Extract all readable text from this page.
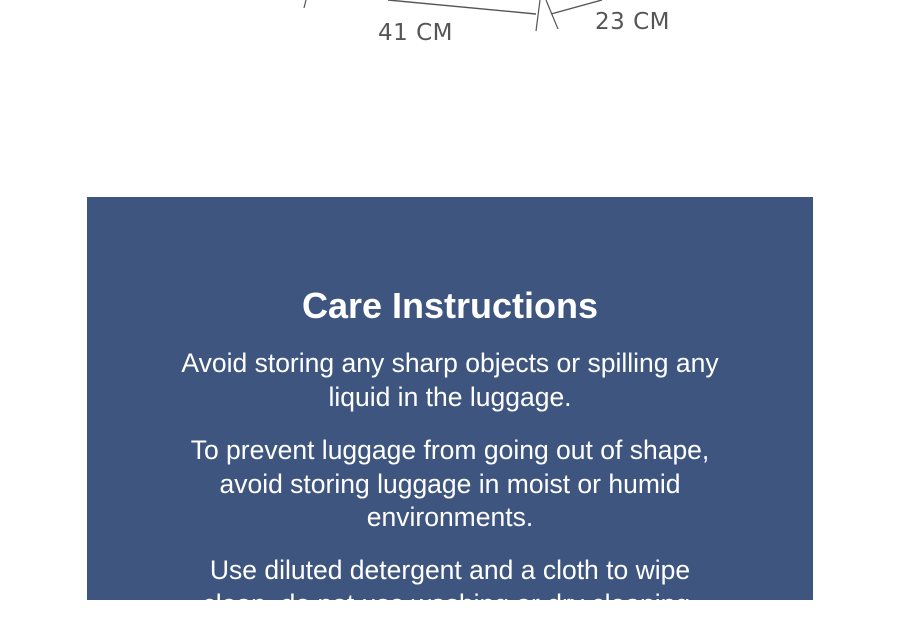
41 CM	23 CM
Care Instructions

Avoid storing any sharp objects or spilling any liquid in the luggage.

To prevent luggage from going out of shape, avoid storing luggage in moist or humid environments.

Use diluted detergent and a cloth to wipe clean, do not use washing or dry cleaning.
